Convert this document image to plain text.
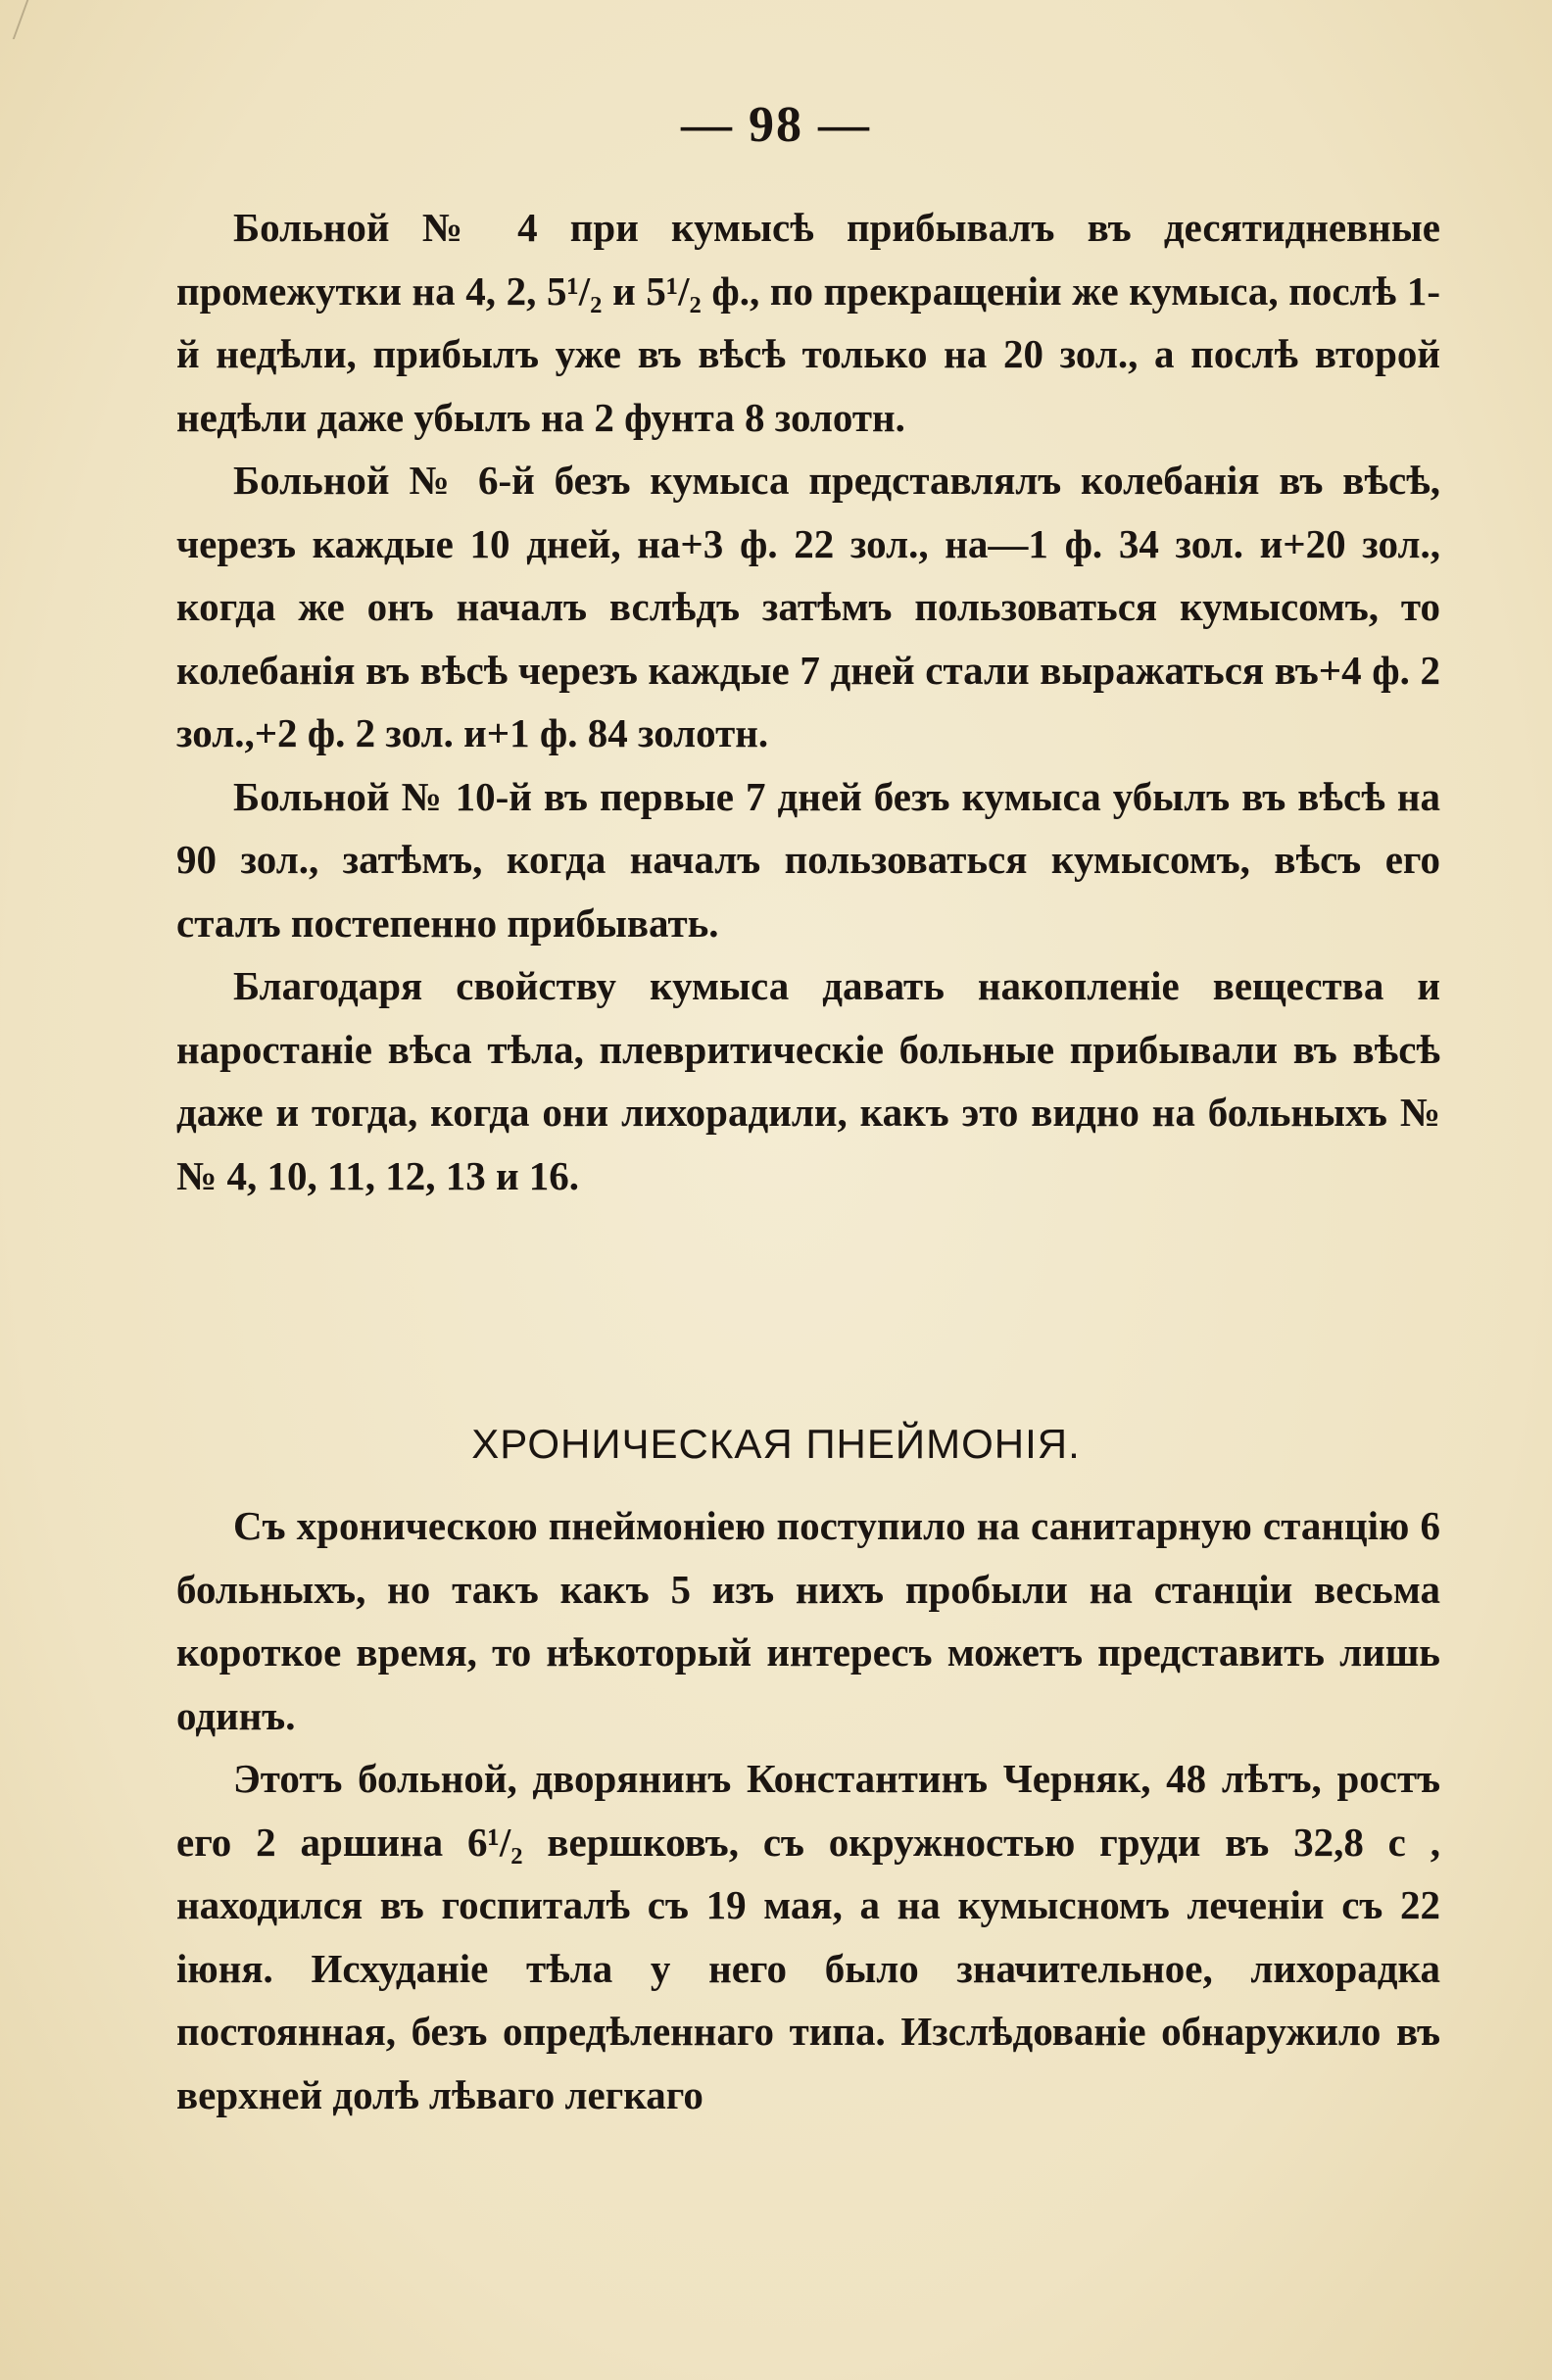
— 98 —

Больной № 4 при кумысѣ прибывалъ въ десятидневные промежутки на 4, 2, 5¹/₂ и 5¹/₂ ф., по прекращеніи же кумыса, послѣ 1-й недѣли, прибылъ уже въ вѣсѣ только на 20 зол., а послѣ второй недѣли даже убылъ на 2 фунта 8 золотн.

Больной № 6-й безъ кумыса представлялъ колебанія въ вѣсѣ, черезъ каждые 10 дней, на+3 ф. 22 зол., на—1 ф. 34 зол. и+20 зол., когда же онъ началъ вслѣдъ затѣмъ пользоваться кумысомъ, то колебанія въ вѣсѣ черезъ каждые 7 дней стали выражаться въ+4 ф. 2 зол.,+2 ф. 2 зол. и+1 ф. 84 золотн.

Больной № 10-й въ первые 7 дней безъ кумыса убылъ въ вѣсѣ на 90 зол., затѣмъ, когда началъ пользоваться кумысомъ, вѣсъ его сталъ постепенно прибывать.

Благодаря свойству кумыса давать накопленіе вещества и наростаніе вѣса тѣла, плевритическіе больные прибывали въ вѣсѣ даже и тогда, когда они лихорадили, какъ это видно на больныхъ №№ 4, 10, 11, 12, 13 и 16.

ХРОНИЧЕСКАЯ ПНЕЙМОНІЯ.

Съ хроническою пнеймоніею поступило на санитарную станцію 6 больныхъ, но такъ какъ 5 изъ нихъ пробыли на станціи весьма короткое время, то нѣкоторый интересъ можетъ представить лишь одинъ.

Этотъ больной, дворянинъ Константинъ Черняк, 48 лѣтъ, ростъ его 2 аршина 6¹/₂ вершковъ, съ окружностью груди въ 32,8 с , находился въ госпиталѣ съ 19 мая, а на кумысномъ леченіи съ 22 іюня. Исхуданіе тѣла у него было значительное, лихорадка постоянная, безъ опредѣленнаго типа. Изслѣдованіе обнаружило въ верхней долѣ лѣваго легкаго
